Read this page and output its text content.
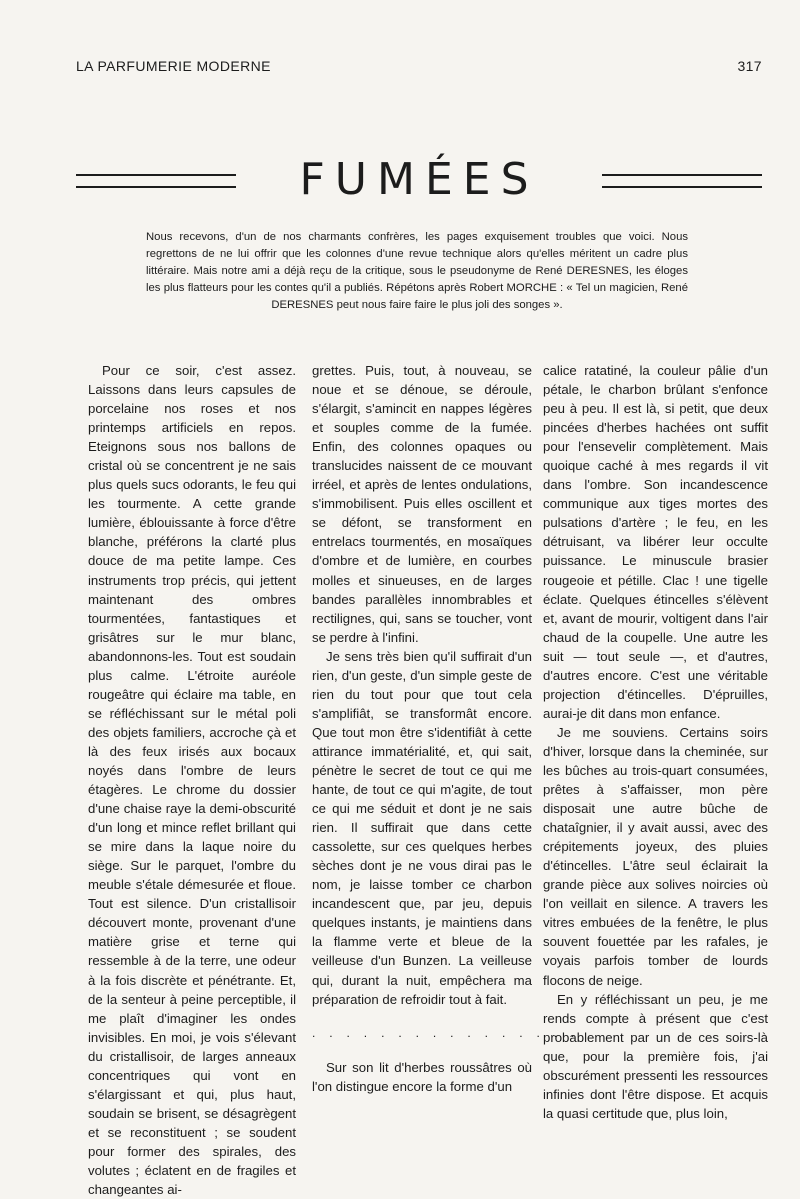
LA PARFUMERIE MODERNE	317
FUMÉES
Nous recevons, d'un de nos charmants confrères, les pages exquisement troubles que voici. Nous regrettons de ne lui offrir que les colonnes d'une revue technique alors qu'elles méritent un cadre plus littéraire. Mais notre ami a déjà reçu de la critique, sous le pseudonyme de René DERESNES, les éloges les plus flatteurs pour les contes qu'il a publiés. Répétons après Robert MORCHE : « Tel un magicien, René DERESNES peut nous faire faire le plus joli des songes ».

Pour ce soir, c'est assez. Laissons dans leurs capsules de porcelaine nos roses et nos printemps artificiels en repos. Eteignons sous nos ballons de cristal où se concentrent je ne sais plus quels sucs odorants, le feu qui les tourmente. A cette grande lumière, éblouissante à force d'être blanche, préférons la clarté plus douce de ma petite lampe. Ces instruments trop précis, qui jettent maintenant des ombres tourmentées, fantastiques et grisâtres sur le mur blanc, abandonnons-les. Tout est soudain plus calme. L'étroite auréole rougeâtre qui éclaire ma table, en se réfléchissant sur le métal poli des objets familiers, accroche çà et là des feux irisés aux bocaux noyés dans l'ombre de leurs étagères. Le chrome du dossier d'une chaise raye la demi-obscurité d'un long et mince reflet brillant qui se mire dans la laque noire du siège. Sur le parquet, l'ombre du meuble s'étale démesurée et floue. Tout est silence. D'un cristallisoir découvert monte, provenant d'une matière grise et terne qui ressemble à de la terre, une odeur à la fois discrète et pénétrante. Et, de la senteur à peine perceptible, il me plaît d'imaginer les ondes invisibles. En moi, je vois s'élevant du cristallisoir, de larges anneaux concentriques qui vont en s'élargissant et qui, plus haut, soudain se brisent, se désagrègent et se reconstituent ; se soudent pour former des spirales, des volutes ; éclatent en de fragiles et changeantes ai-

grettes. Puis, tout, à nouveau, se noue et se dénoue, se déroule, s'élargit, s'amincit en nappes légères et souples comme de la fumée. Enfin, des colonnes opaques ou translucides naissent de ce mouvant irréel, et après de lentes ondulations, s'immobilisent. Puis elles oscillent et se défont, se transforment en entrelacs tourmentés, en mosaïques d'ombre et de lumière, en courbes molles et sinueuses, en de larges bandes parallèles innombrables et rectilignes, qui, sans se toucher, vont se perdre à l'infini.

Je sens très bien qu'il suffirait d'un rien, d'un geste, d'un simple geste de rien du tout pour que tout cela s'amplifiât, se transformât encore. Que tout mon être s'identifiât à cette attirance immatérialité, et, qui sait, pénètre le secret de tout ce qui me hante, de tout ce qui m'agite, de tout ce qui me séduit et dont je ne sais rien. Il suffirait que dans cette cassolette, sur ces quelques herbes sèches dont je ne vous dirai pas le nom, je laisse tomber ce charbon incandescent que, par jeu, depuis quelques instants, je maintiens dans la flamme verte et bleue de la veilleuse d'un Bunzen. La veilleuse qui, durant la nuit, empêchera ma préparation de refroidir tout à fait.

. . . . . . . . . . . . . . . .

Sur son lit d'herbes roussâtres où l'on distingue encore la forme d'un

calice ratatiné, la couleur pâlie d'un pétale, le charbon brûlant s'enfonce peu à peu. Il est là, si petit, que deux pincées d'herbes hachées ont suffit pour l'ensevelir complètement. Mais quoique caché à mes regards il vit dans l'ombre. Son incandescence communique aux tiges mortes des pulsations d'artère ; le feu, en les détruisant, va libérer leur occulte puissance. Le minuscule brasier rougeoie et pétille. Clac ! une tigelle éclate. Quelques étincelles s'élèvent et, avant de mourir, voltigent dans l'air chaud de la coupelle. Une autre les suit — tout seule —, et d'autres, d'autres encore. C'est une véritable projection d'étincelles. D'épruilles, aurai-je dit dans mon enfance.

Je me souviens. Certains soirs d'hiver, lorsque dans la cheminée, sur les bûches au trois-quart consumées, prêtes à s'affaisser, mon père disposait une autre bûche de chataîgnier, il y avait aussi, avec des crépitements joyeux, des pluies d'étincelles. L'âtre seul éclairait la grande pièce aux solives noircies où l'on veillait en silence. A travers les vitres embuées de la fenêtre, le plus souvent fouettée par les rafales, je voyais parfois tomber de lourds flocons de neige.

En y réfléchissant un peu, je me rends compte à présent que c'est probablement par un de ces soirs-là que, pour la première fois, j'ai obscurément pressenti les ressources infinies dont l'être dispose. Et acquis la quasi certitude que, plus loin,
